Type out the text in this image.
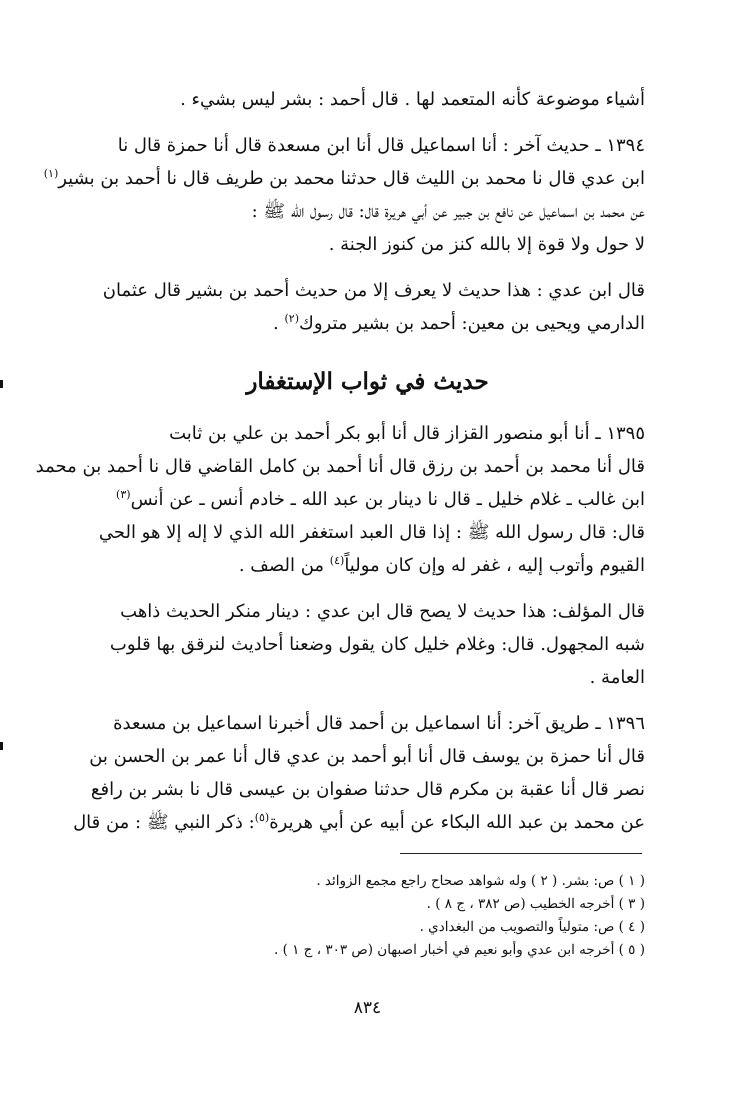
أشياء موضوعة كأنه المتعمد لها . قال أحمد : بشر ليس بشيء .
١٣٩٤ ـ حديث آخر : أنا اسماعيل قال أنا ابن مسعدة قال أنا حمزة قال نا
ابن عدي قال نا محمد بن الليث قال حدثنا محمد بن طريف قال نا أحمد بن بشير$^{(١)}$
عن محمد بن اسماعيل عن نافع بن جبير عن أبي هريرة قال: قال رسول الله ﷺ :
لا حول ولا قوة إلا بالله كنز من كنوز الجنة .
قال ابن عدي : هذا حديث لا يعرف إلا من حديث أحمد بن بشير قال عثمان
الدارمي ويحيى بن معين: أحمد بن بشير متروك$^{(٢)}$ .
حديث في ثواب الإستغفار
١٣٩٥ ـ أنا أبو منصور القزاز قال أنا أبو بكر أحمد بن علي بن ثابت
قال أنا محمد بن أحمد بن رزق قال أنا أحمد بن كامل القاضي قال نا أحمد بن محمد
ابن غالب ـ غلام خليل ـ قال نا دينار بن عبد الله ـ خادم أنس ـ عن أنس$^{(٣)}$
قال: قال رسول الله ﷺ : إذا قال العبد استغفر الله الذي لا إله إلا هو الحي
القيوم وأتوب إليه ، غفر له وإن كان مولياً$^{(٤)}$ من الصف .
قال المؤلف: هذا حديث لا يصح قال ابن عدي : دينار منكر الحديث ذاهب
شبه المجهول. قال: وغلام خليل كان يقول وضعنا أحاديث لنرقق بها قلوب
العامة .
١٣٩٦ ـ طريق آخر: أنا اسماعيل بن أحمد قال أخبرنا اسماعيل بن مسعدة
قال أنا حمزة بن يوسف قال أنا أبو أحمد بن عدي قال أنا عمر بن الحسن بن
نصر قال أنا عقبة بن مكرم قال حدثنا صفوان بن عيسى قال نا بشر بن رافع
عن محمد بن عبد الله البكاء عن أبيه عن أبي هريرة$^{(٥)}$: ذكر النبي ﷺ : من قال
( ١ ) ص: بشر. ( ٢ ) وله شواهد صحاح راجع مجمع الزوائد .
( ٣ ) أخرجه الخطيب (ص ٣٨٢ ، ج ٨ ) .
( ٤ ) ص: متولياً والتصويب من البغدادي .
( ٥ ) أخرجه ابن عدي وأبو نعيم في أخبار اصبهان (ص ٣٠٣ ، ج ١ ) .
٨٣٤
